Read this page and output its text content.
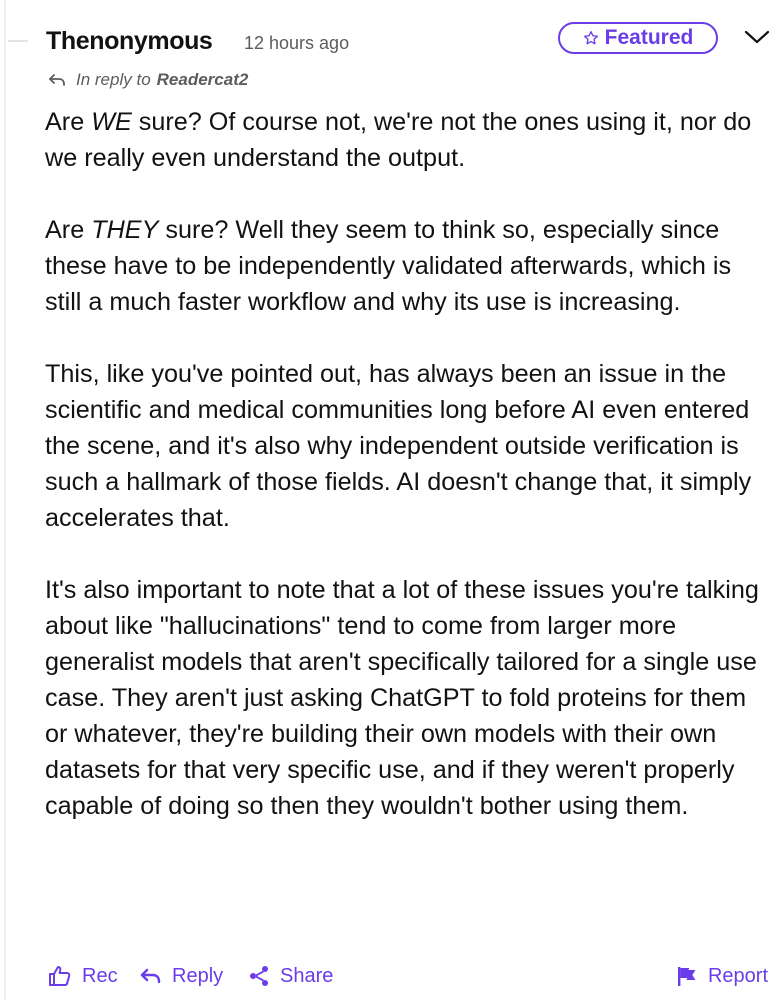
Thenonymous 12 hours ago	Featured
In reply to Readercat2

Are WE sure? Of course not, we're not the ones using it, nor do we really even understand the output.

Are THEY sure? Well they seem to think so, especially since these have to be independently validated afterwards, which is still a much faster workflow and why its use is increasing.

This, like you've pointed out, has always been an issue in the scientific and medical communities long before AI even entered the scene, and it's also why independent outside verification is such a hallmark of those fields. AI doesn't change that, it simply accelerates that.

It's also important to note that a lot of these issues you're talking about like "hallucinations" tend to come from larger more generalist models that aren't specifically tailored for a single use case. They aren't just asking ChatGPT to fold proteins for them or whatever, they're building their own models with their own datasets for that very specific use, and if they weren't properly capable of doing so then they wouldn't bother using them.

Rec	Reply	Share	Report
